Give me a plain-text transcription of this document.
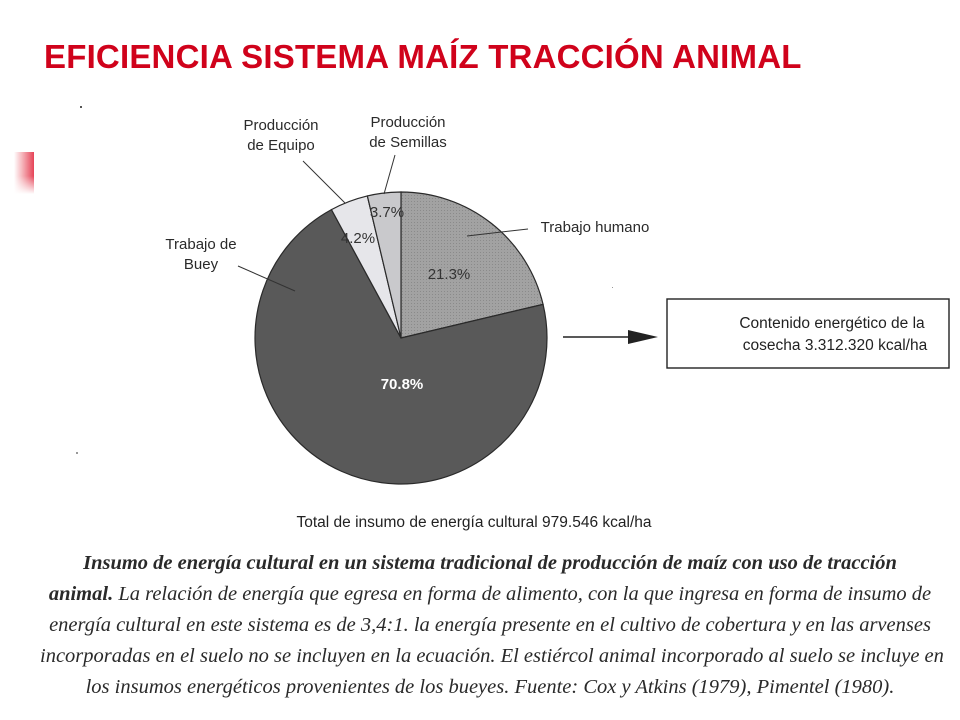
EFICIENCIA SISTEMA MAÍZ TRACCIÓN ANIMAL
21.3%
Trabajo humano
70.8%
Trabajo de Buey
4.2%
Producción de Equipo
3.7%
Producción de Semillas
Contenido energético de la
cosecha 3.312.320 kcal/ha
Total de insumo de energía cultural 979.546 kcal/ha
Insumo de energía cultural en un sistema tradicional de producción de maíz con uso de tracción
animal. La relación de energía que egresa en forma de alimento, con la que ingresa en forma de insumo de
energía cultural en este sistema es de 3,4:1. la energía presente en el cultivo de cobertura y en las arvenses
incorporadas en el suelo no se incluyen en la ecuación. El estiércol animal incorporado al suelo se incluye en
los insumos energéticos provenientes de los bueyes. Fuente: Cox y Atkins (1979), Pimentel (1980).
